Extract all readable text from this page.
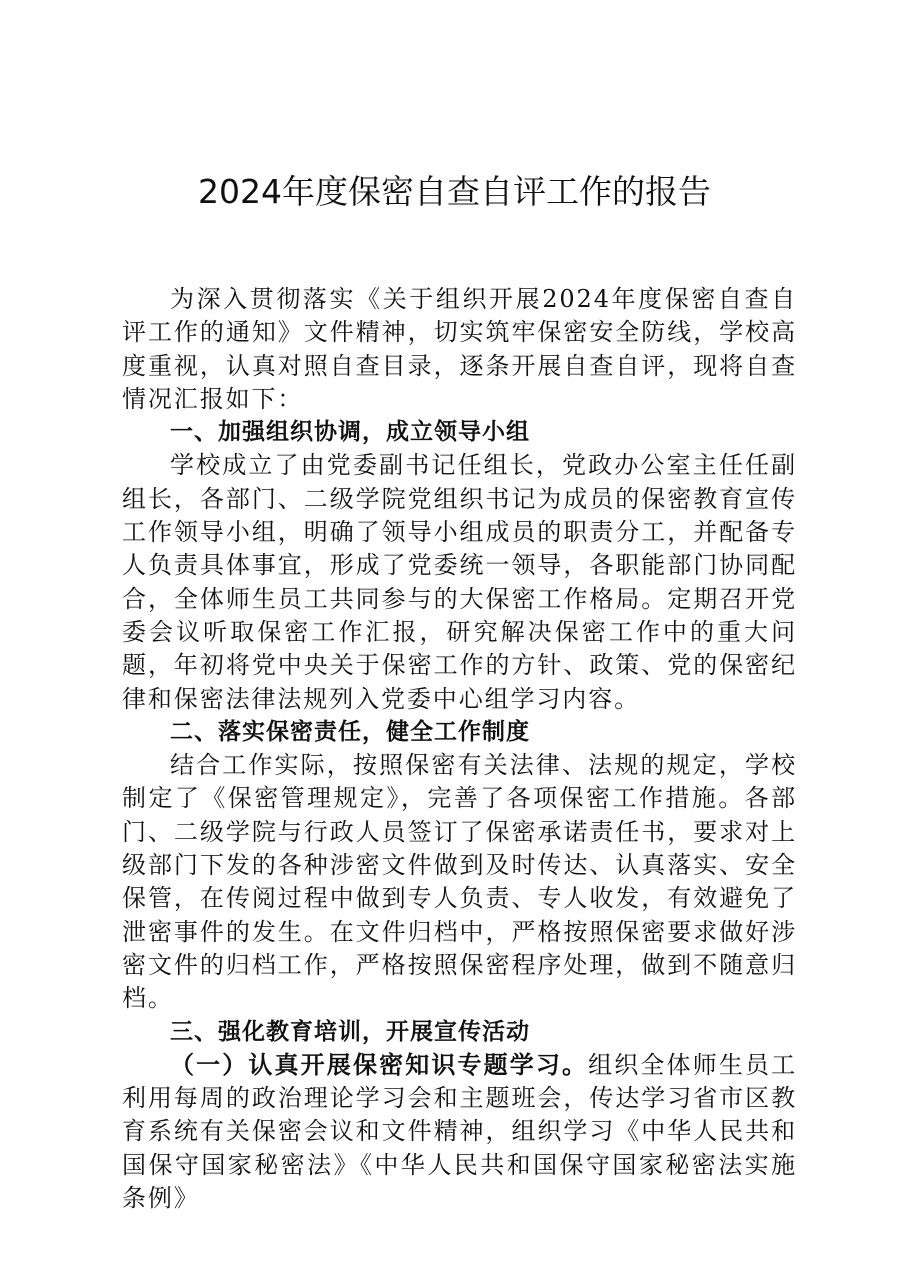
2024年度保密自查自评工作的报告

为深入贯彻落实《关于组织开展2024年度保密自查自评工作的通知》文件精神，切实筑牢保密安全防线，学校高度重视，认真对照自查目录，逐条开展自查自评，现将自查情况汇报如下：

一、加强组织协调，成立领导小组

学校成立了由党委副书记任组长，党政办公室主任任副组长，各部门、二级学院党组织书记为成员的保密教育宣传工作领导小组，明确了领导小组成员的职责分工，并配备专人负责具体事宜，形成了党委统一领导，各职能部门协同配合，全体师生员工共同参与的大保密工作格局。定期召开党委会议听取保密工作汇报，研究解决保密工作中的重大问题，年初将党中央关于保密工作的方针、政策、党的保密纪律和保密法律法规列入党委中心组学习内容。

二、落实保密责任，健全工作制度

结合工作实际，按照保密有关法律、法规的规定，学校制定了《保密管理规定》，完善了各项保密工作措施。各部门、二级学院与行政人员签订了保密承诺责任书，要求对上级部门下发的各种涉密文件做到及时传达、认真落实、安全保管，在传阅过程中做到专人负责、专人收发，有效避免了泄密事件的发生。在文件归档中，严格按照保密要求做好涉密文件的归档工作，严格按照保密程序处理，做到不随意归档。

三、强化教育培训，开展宣传活动

（一）认真开展保密知识专题学习。组织全体师生员工利用每周的政治理论学习会和主题班会，传达学习省市区教育系统有关保密会议和文件精神，组织学习《中华人民共和国保守国家秘密法》《中华人民共和国保守国家秘密法实施条例》
